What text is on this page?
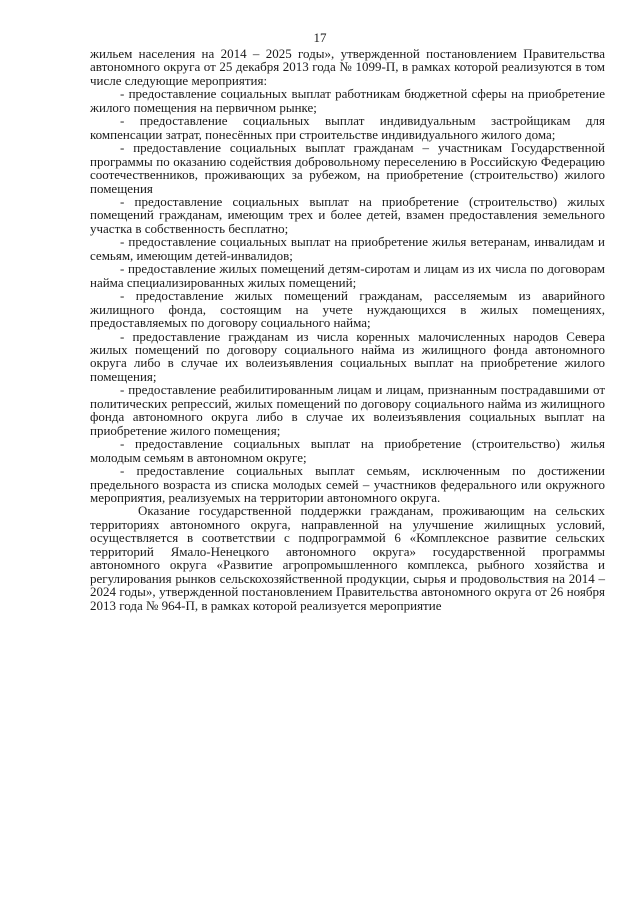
17

жильем населения на 2014 – 2025 годы», утвержденной постановлением Правительства автономного округа от 25 декабря 2013 года № 1099-П, в рамках которой реализуются в том числе следующие мероприятия:

- предоставление социальных выплат работникам бюджетной сферы на приобретение жилого помещения на первичном рынке;

- предоставление социальных выплат индивидуальным застройщикам для компенсации затрат, понесённых при строительстве индивидуального жилого дома;

- предоставление социальных выплат гражданам – участникам Государственной программы по оказанию содействия добровольному переселению в Российскую Федерацию соотечественников, проживающих за рубежом, на приобретение (строительство) жилого помещения

- предоставление социальных выплат на приобретение (строительство) жилых помещений гражданам, имеющим трех и более детей, взамен предоставления земельного участка в собственность бесплатно;

- предоставление социальных выплат на приобретение жилья ветеранам, инвалидам и семьям, имеющим детей-инвалидов;

- предоставление жилых помещений детям-сиротам и лицам из их числа по договорам найма специализированных жилых помещений;

- предоставление жилых помещений гражданам, расселяемым из аварийного жилищного фонда, состоящим на учете нуждающихся в жилых помещениях, предоставляемых по договору социального найма;

- предоставление гражданам из числа коренных малочисленных народов Севера жилых помещений по договору социального найма из жилищного фонда автономного округа либо в случае их волеизъявления социальных выплат на приобретение жилого помещения;

- предоставление реабилитированным лицам и лицам, признанным пострадавшими от политических репрессий, жилых помещений по договору социального найма из жилищного фонда автономного округа либо в случае их волеизъявления социальных выплат на приобретение жилого помещения;

- предоставление социальных выплат на приобретение (строительство) жилья молодым семьям в автономном округе;

- предоставление социальных выплат семьям, исключенным по достижении предельного возраста из списка молодых семей – участников федерального или окружного мероприятия, реализуемых на территории автономного округа.

Оказание государственной поддержки гражданам, проживающим на сельских территориях автономного округа, направленной на улучшение жилищных условий, осуществляется в соответствии с подпрограммой 6 «Комплексное развитие сельских территорий Ямало-Ненецкого автономного округа» государственной программы автономного округа «Развитие агропромышленного комплекса, рыбного хозяйства и регулирования рынков сельскохозяйственной продукции, сырья и продовольствия на 2014 – 2024 годы», утвержденной постановлением Правительства автономного округа от 26 ноября 2013 года № 964-П, в рамках которой реализуется мероприятие
